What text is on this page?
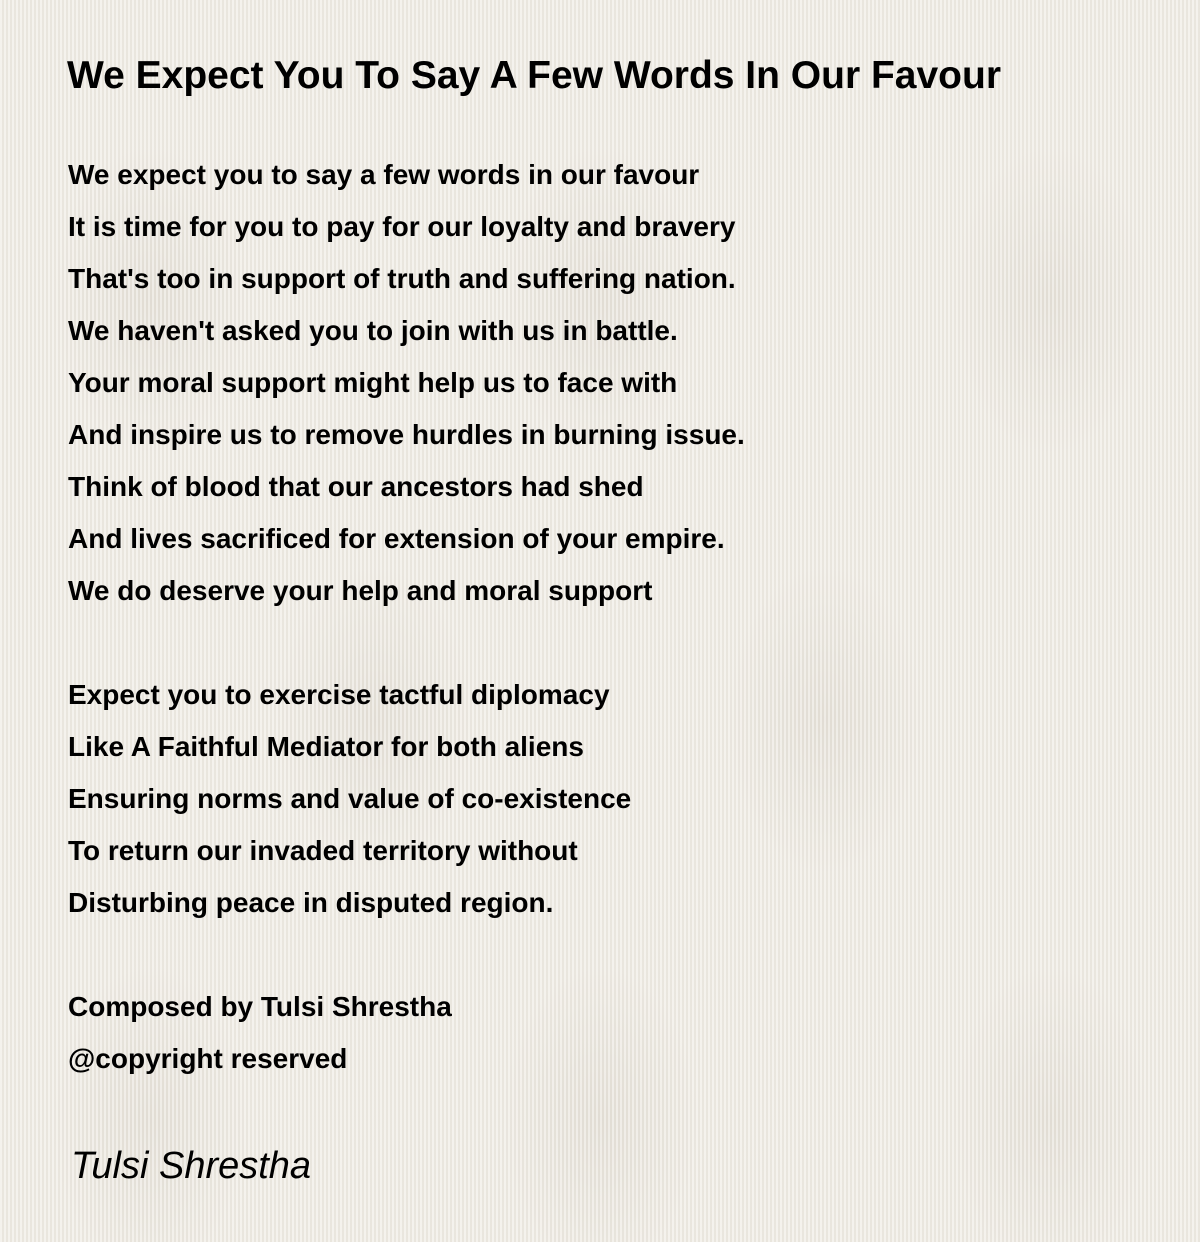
We Expect You To Say A Few Words In Our Favour
We expect you to say a few words in our favour
It is time for you to pay for our loyalty and bravery
That's too in support of truth and suffering nation.
We haven't asked you to join with us in battle.
Your moral support might help us to face with
And inspire us to remove hurdles in burning issue.
Think of blood that our ancestors had shed
And lives sacrificed for extension of your empire.
We do deserve your help and moral support
Expect you to exercise tactful diplomacy
Like A Faithful Mediator for both aliens
Ensuring norms and value of co-existence
To return our invaded territory without
Disturbing peace in disputed region.
Composed by Tulsi Shrestha
@copyright reserved
Tulsi Shrestha
